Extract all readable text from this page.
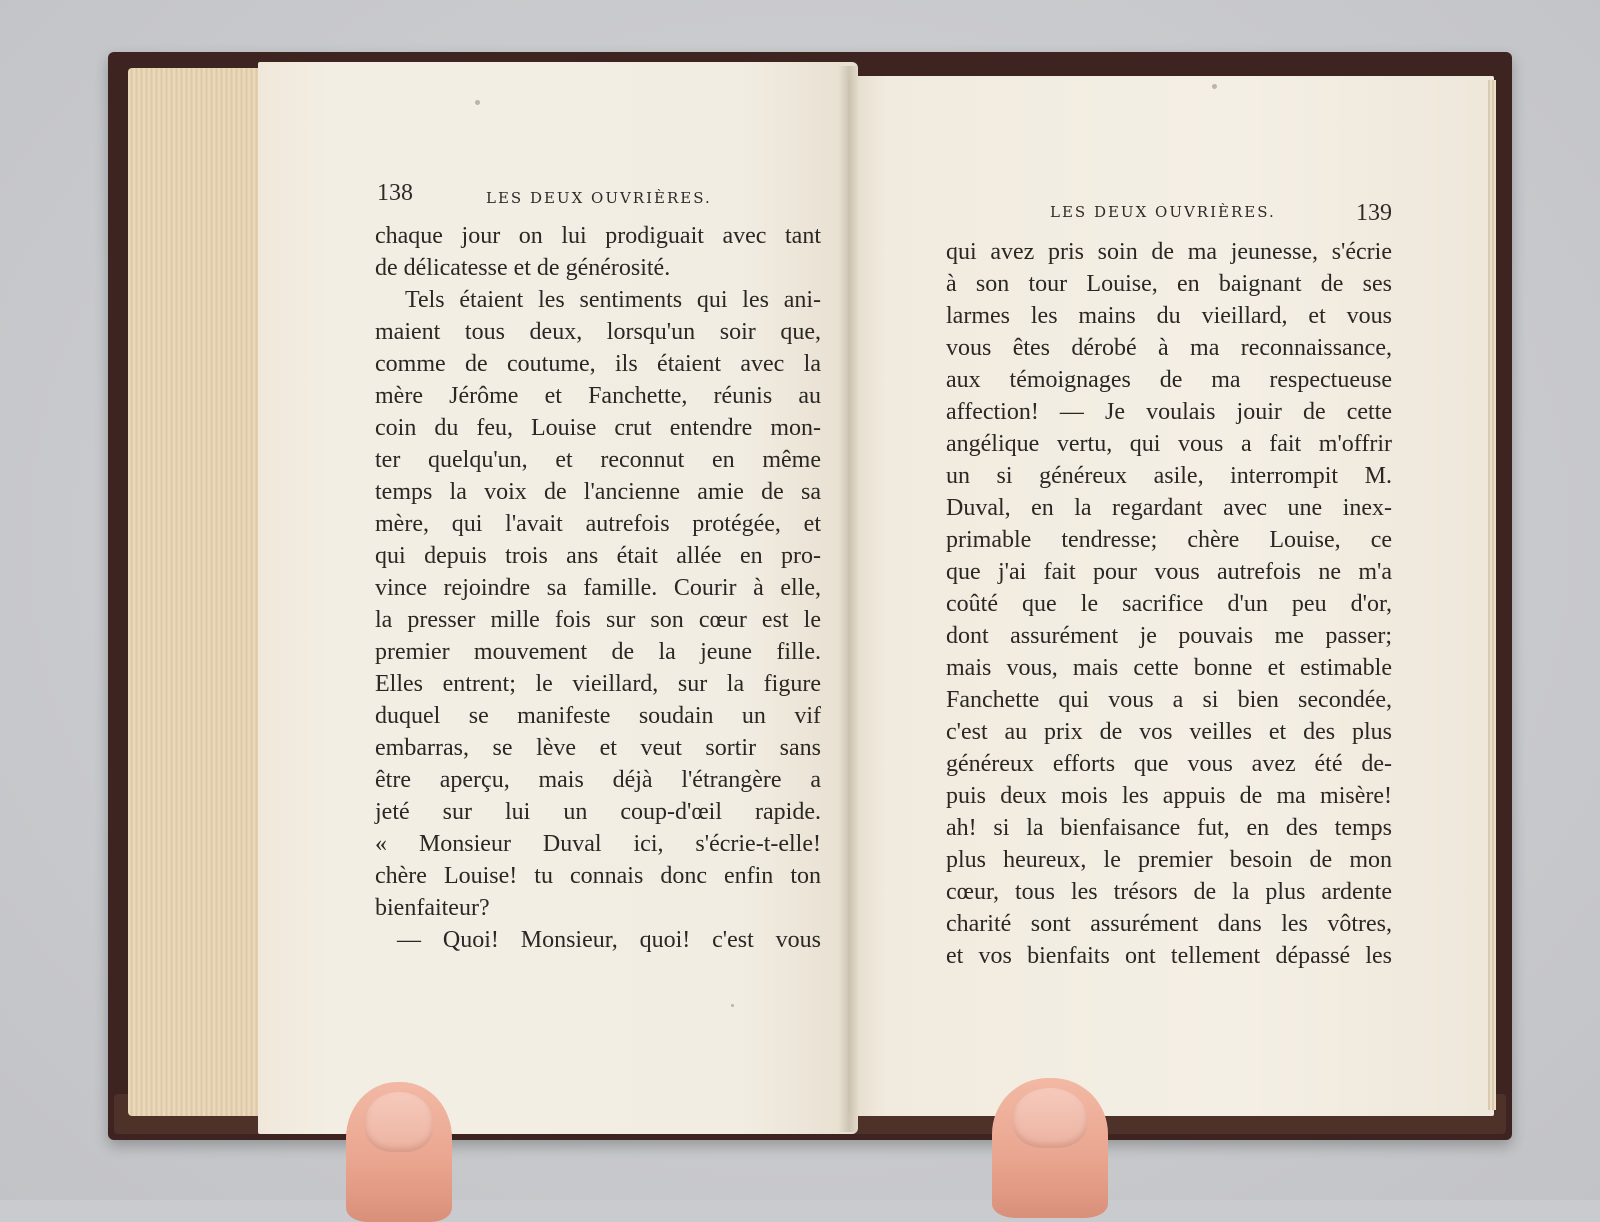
138	LES DEUX OUVRIÈRES.
LES DEUX OUVRIÈRES.	139
chaque jour on lui prodiguait avec tant
de délicatesse et de générosité.
Tels étaient les sentiments qui les ani-
maient tous deux, lorsqu'un soir que,
comme de coutume, ils étaient avec la
mère Jérôme et Fanchette, réunis au
coin du feu, Louise crut entendre mon-
ter quelqu'un, et reconnut en même
temps la voix de l'ancienne amie de sa
mère, qui l'avait autrefois protégée, et
qui depuis trois ans était allée en pro-
vince rejoindre sa famille. Courir à elle,
la presser mille fois sur son cœur est le
premier mouvement de la jeune fille.
Elles entrent; le vieillard, sur la figure
duquel se manifeste soudain un vif
embarras, se lève et veut sortir sans
être aperçu, mais déjà l'étrangère a
jeté sur lui un coup-d'œil rapide.
« Monsieur Duval ici, s'écrie-t-elle!
chère Louise! tu connais donc enfin ton
bienfaiteur?
— Quoi! Monsieur, quoi! c'est vous
qui avez pris soin de ma jeunesse, s'écrie
à son tour Louise, en baignant de ses
larmes les mains du vieillard, et vous
vous êtes dérobé à ma reconnaissance,
aux témoignages de ma respectueuse
affection! — Je voulais jouir de cette
angélique vertu, qui vous a fait m'offrir
un si généreux asile, interrompit M.
Duval, en la regardant avec une inex-
primable tendresse; chère Louise, ce
que j'ai fait pour vous autrefois ne m'a
coûté que le sacrifice d'un peu d'or,
dont assurément je pouvais me passer;
mais vous, mais cette bonne et estimable
Fanchette qui vous a si bien secondée,
c'est au prix de vos veilles et des plus
généreux efforts que vous avez été de-
puis deux mois les appuis de ma misère!
ah! si la bienfaisance fut, en des temps
plus heureux, le premier besoin de mon
cœur, tous les trésors de la plus ardente
charité sont assurément dans les vôtres,
et vos bienfaits ont tellement dépassé les
